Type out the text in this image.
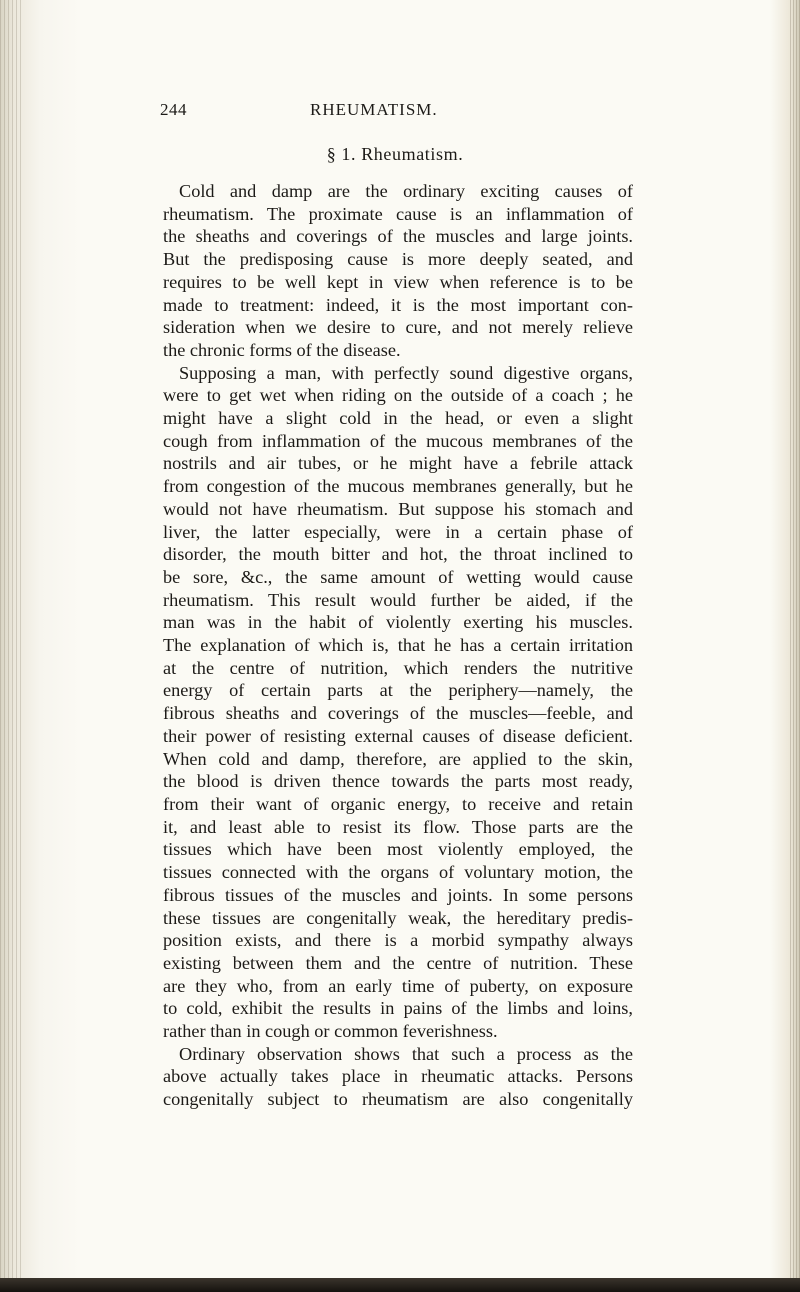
244	RHEUMATISM.
§ 1. Rheumatism.
Cold and damp are the ordinary exciting causes of
rheumatism. The proximate cause is an inflammation of
the sheaths and coverings of the muscles and large joints.
But the predisposing cause is more deeply seated, and
requires to be well kept in view when reference is to be
made to treatment: indeed, it is the most important con-
sideration when we desire to cure, and not merely relieve
the chronic forms of the disease.
Supposing a man, with perfectly sound digestive organs,
were to get wet when riding on the outside of a coach ; he
might have a slight cold in the head, or even a slight
cough from inflammation of the mucous membranes of the
nostrils and air tubes, or he might have a febrile attack
from congestion of the mucous membranes generally, but he
would not have rheumatism. But suppose his stomach and
liver, the latter especially, were in a certain phase of
disorder, the mouth bitter and hot, the throat inclined to
be sore, &c., the same amount of wetting would cause
rheumatism. This result would further be aided, if the
man was in the habit of violently exerting his muscles.
The explanation of which is, that he has a certain irritation
at the centre of nutrition, which renders the nutritive
energy of certain parts at the periphery—namely, the
fibrous sheaths and coverings of the muscles—feeble, and
their power of resisting external causes of disease deficient.
When cold and damp, therefore, are applied to the skin,
the blood is driven thence towards the parts most ready,
from their want of organic energy, to receive and retain
it, and least able to resist its flow. Those parts are the
tissues which have been most violently employed, the
tissues connected with the organs of voluntary motion, the
fibrous tissues of the muscles and joints. In some persons
these tissues are congenitally weak, the hereditary predis-
position exists, and there is a morbid sympathy always
existing between them and the centre of nutrition. These
are they who, from an early time of puberty, on exposure
to cold, exhibit the results in pains of the limbs and loins,
rather than in cough or common feverishness.
Ordinary observation shows that such a process as the
above actually takes place in rheumatic attacks. Persons
congenitally subject to rheumatism are also congenitally
